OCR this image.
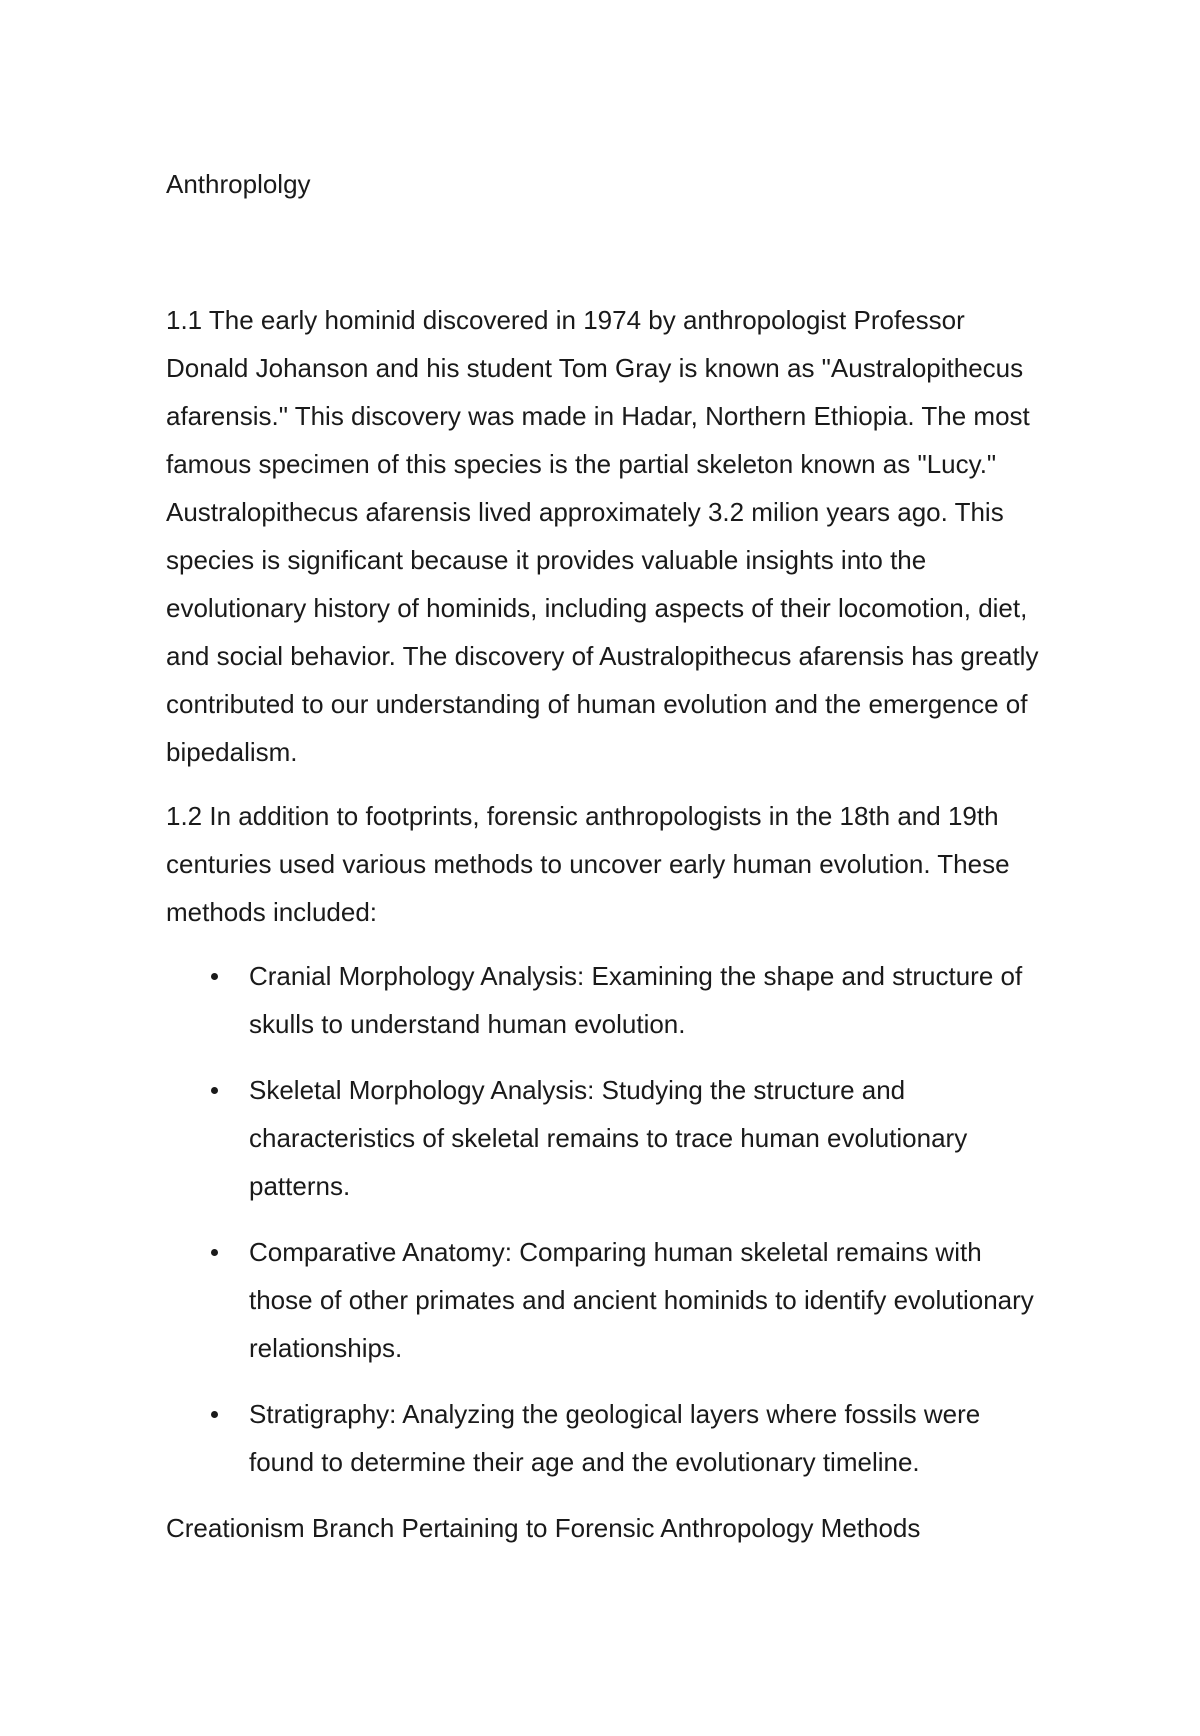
Anthroplolgy

1.1 The early hominid discovered in 1974 by anthropologist Professor Donald Johanson and his student Tom Gray is known as "Australopithecus afarensis." This discovery was made in Hadar, Northern Ethiopia. The most famous specimen of this species is the partial skeleton known as "Lucy." Australopithecus afarensis lived approximately 3.2 milion years ago. This species is significant because it provides valuable insights into the evolutionary history of hominids, including aspects of their locomotion, diet, and social behavior. The discovery of Australopithecus afarensis has greatly contributed to our understanding of human evolution and the emergence of bipedalism.

1.2 In addition to footprints, forensic anthropologists in the 18th and 19th centuries used various methods to uncover early human evolution. These methods included:

Cranial Morphology Analysis: Examining the shape and structure of skulls to understand human evolution.
Skeletal Morphology Analysis: Studying the structure and characteristics of skeletal remains to trace human evolutionary patterns.
Comparative Anatomy: Comparing human skeletal remains with those of other primates and ancient hominids to identify evolutionary relationships.
Stratigraphy: Analyzing the geological layers where fossils were found to determine their age and the evolutionary timeline.

Creationism Branch Pertaining to Forensic Anthropology Methods
